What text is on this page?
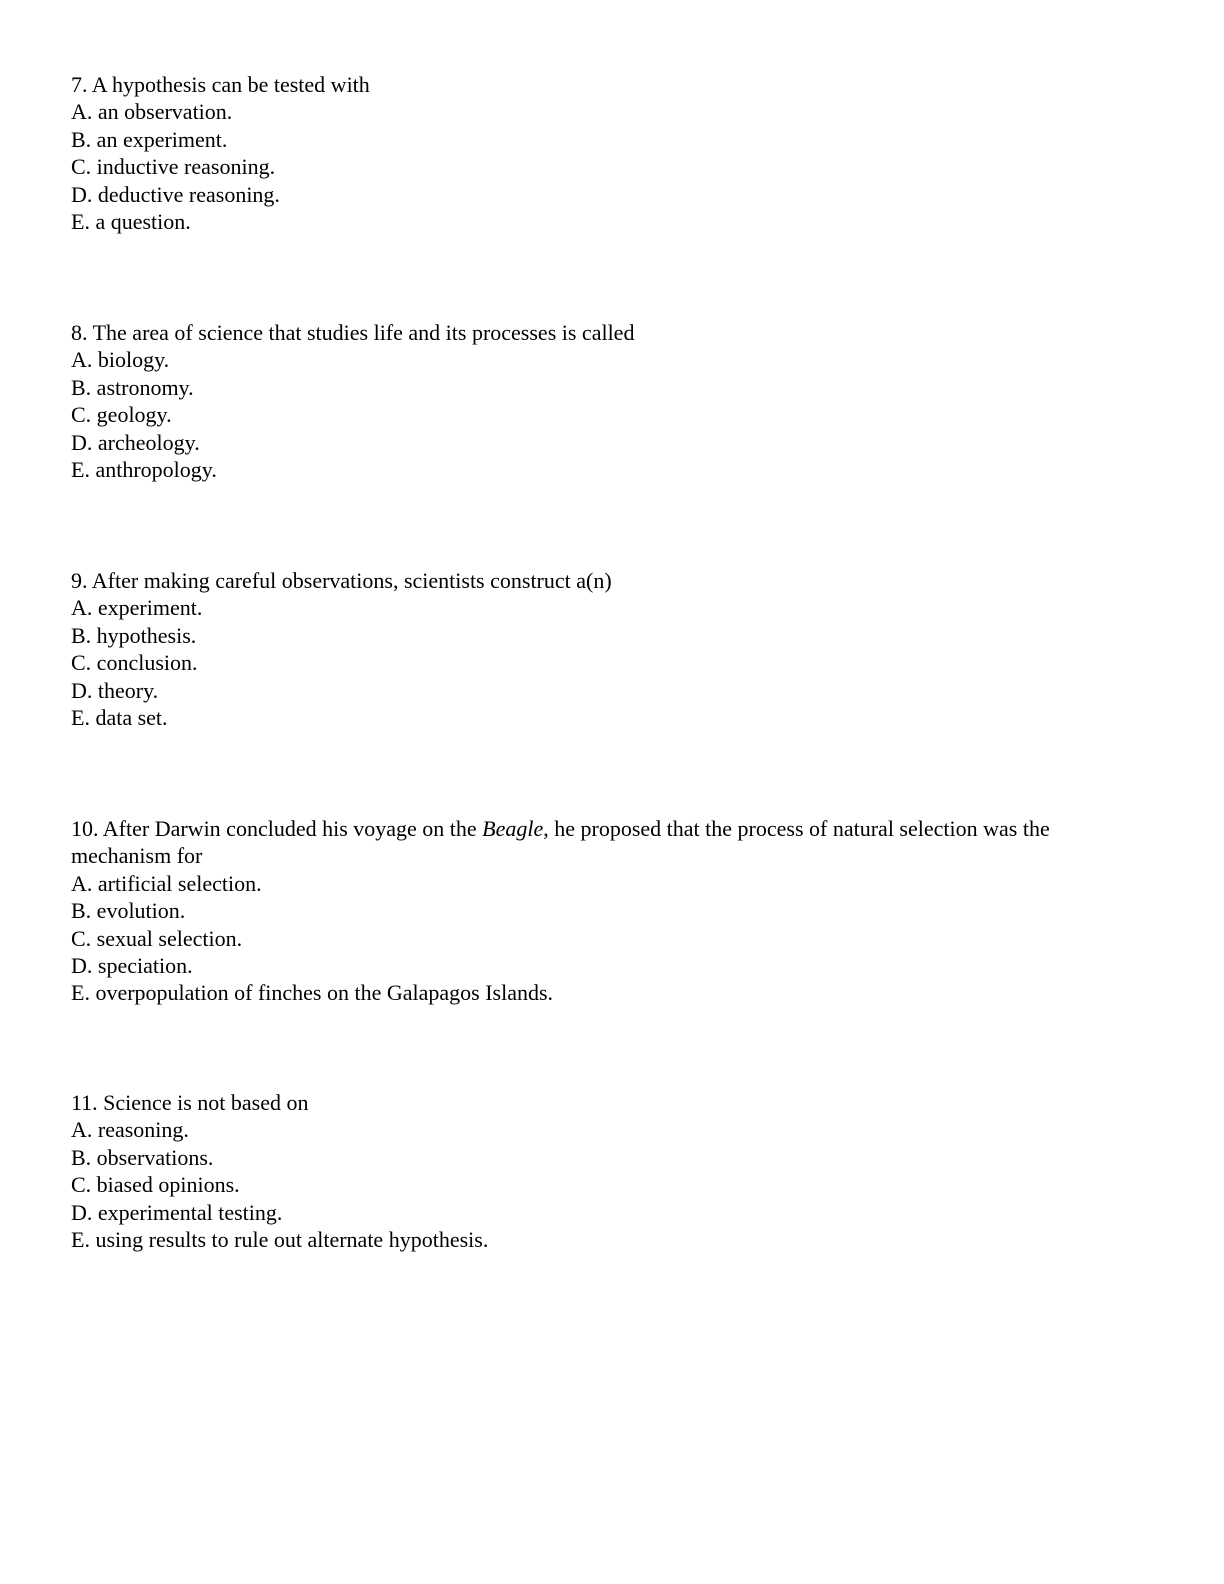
7. A hypothesis can be tested with
A. an observation.
B. an experiment.
C. inductive reasoning.
D. deductive reasoning.
E. a question.
8. The area of science that studies life and its processes is called
A. biology.
B. astronomy.
C. geology.
D. archeology.
E. anthropology.
9. After making careful observations, scientists construct a(n)
A. experiment.
B. hypothesis.
C. conclusion.
D. theory.
E. data set.
10. After Darwin concluded his voyage on the Beagle, he proposed that the process of natural selection was the mechanism for
A. artificial selection.
B. evolution.
C. sexual selection.
D. speciation.
E. overpopulation of finches on the Galapagos Islands.
11. Science is not based on
A. reasoning.
B. observations.
C. biased opinions.
D. experimental testing.
E. using results to rule out alternate hypothesis.
